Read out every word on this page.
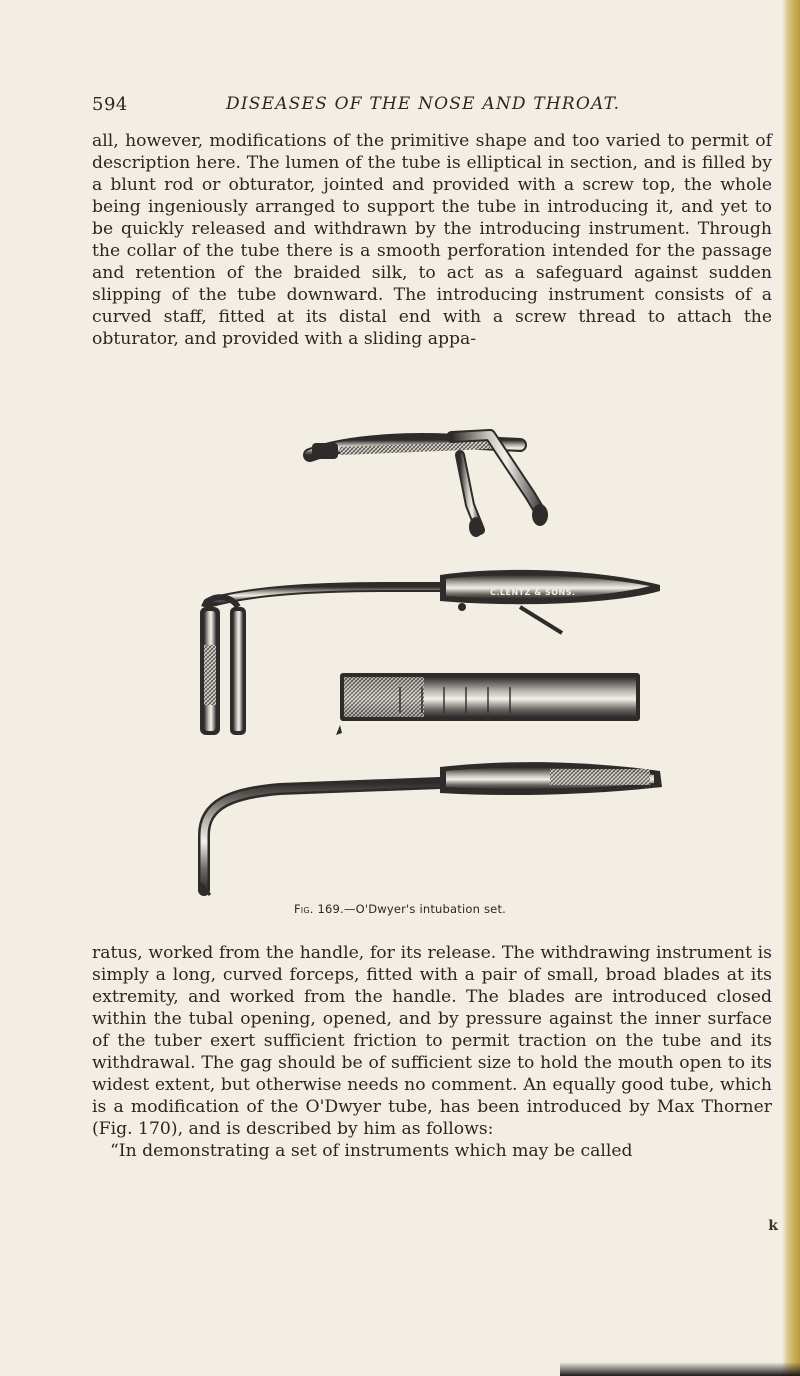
594	DISEASES OF THE NOSE AND THROAT.

all, however, modifications of the primitive shape and too varied to permit of description here. The lumen of the tube is elliptical in section, and is filled by a blunt rod or obturator, jointed and provided with a screw top, the whole being ingeniously arranged to support the tube in introducing it, and yet to be quickly released and withdrawn by the introducing instrument. Through the collar of the tube there is a smooth perforation intended for the passage and retention of the braided silk, to act as a safeguard against sudden slipping of the tube downward. The introducing instrument consists of a curved staff, fitted at its distal end with a screw thread to attach the obturator, and provided with a sliding appa-

C.LENTZ & SONS.
Fig. 169.—O'Dwyer's intubation set.

ratus, worked from the handle, for its release. The withdrawing instrument is simply a long, curved forceps, fitted with a pair of small, broad blades at its extremity, and worked from the handle. The blades are introduced closed within the tubal opening, opened, and by pressure against the inner surface of the tuber exert sufficient friction to permit traction on the tube and its withdrawal. The gag should be of sufficient size to hold the mouth open to its widest extent, but otherwise needs no comment. An equally good tube, which is a modification of the O'Dwyer tube, has been introduced by Max Thorner (Fig. 170), and is described by him as follows:
“In demonstrating a set of instruments which may be called

k
